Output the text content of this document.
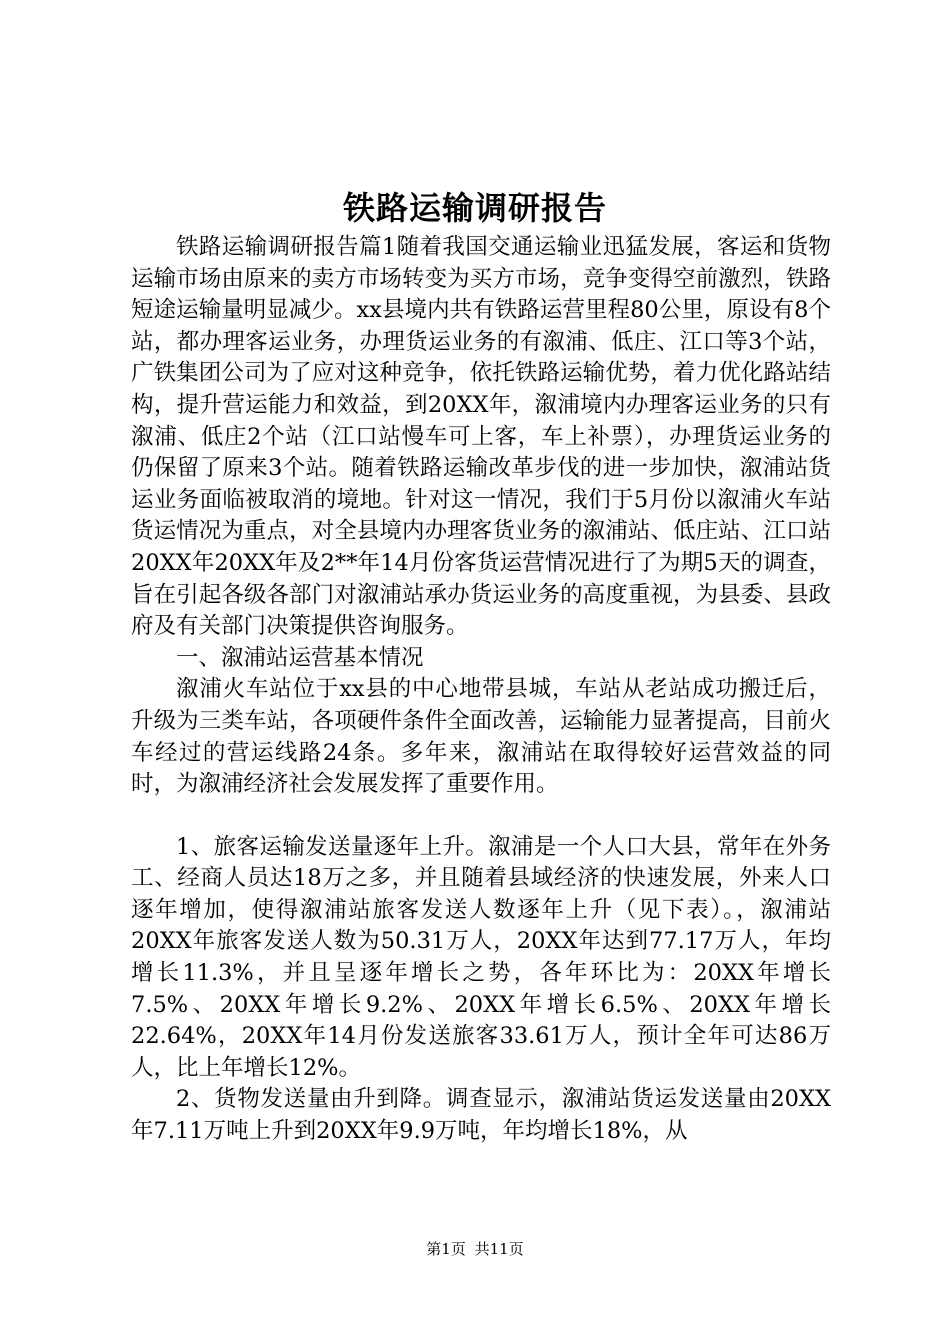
铁路运输调研报告

铁路运输调研报告篇1随着我国交通运输业迅猛发展，客运和货物运输市场由原来的卖方市场转变为买方市场，竞争变得空前激烈，铁路短途运输量明显减少。xx县境内共有铁路运营里程80公里，原设有8个站，都办理客运业务，办理货运业务的有溆浦、低庄、江口等3个站，广铁集团公司为了应对这种竞争，依托铁路运输优势，着力优化路站结构，提升营运能力和效益，到20XX年，溆浦境内办理客运业务的只有溆浦、低庄2个站（江口站慢车可上客，车上补票），办理货运业务的仍保留了原来3个站。随着铁路运输改革步伐的进一步加快，溆浦站货运业务面临被取消的境地。针对这一情况，我们于5月份以溆浦火车站货运情况为重点，对全县境内办理客货业务的溆浦站、低庄站、江口站20XX年20XX年及2**年14月份客货运营情况进行了为期5天的调查，旨在引起各级各部门对溆浦站承办货运业务的高度重视，为县委、县政府及有关部门决策提供咨询服务。

一、溆浦站运营基本情况

溆浦火车站位于xx县的中心地带县城，车站从老站成功搬迁后，升级为三类车站，各项硬件条件全面改善，运输能力显著提高，目前火车经过的营运线路24条。多年来，溆浦站在取得较好运营效益的同时，为溆浦经济社会发展发挥了重要作用。

1、旅客运输发送量逐年上升。溆浦是一个人口大县，常年在外务工、经商人员达18万之多，并且随着县域经济的快速发展，外来人口逐年增加，使得溆浦站旅客发送人数逐年上升（见下表）。，溆浦站20XX年旅客发送人数为50.31万人，20XX年达到77.17万人，年均增长11.3%，并且呈逐年增长之势，各年环比为：20XX年增长7.5%、20XX年增长9.2%、20XX年增长6.5%、20XX年增长22.64%，20XX年14月份发送旅客33.61万人，预计全年可达86万人，比上年增长12%。

2、货物发送量由升到降。调查显示，溆浦站货运发送量由20XX年7.11万吨上升到20XX年9.9万吨，年均增长18%，从

第1页 共11页
